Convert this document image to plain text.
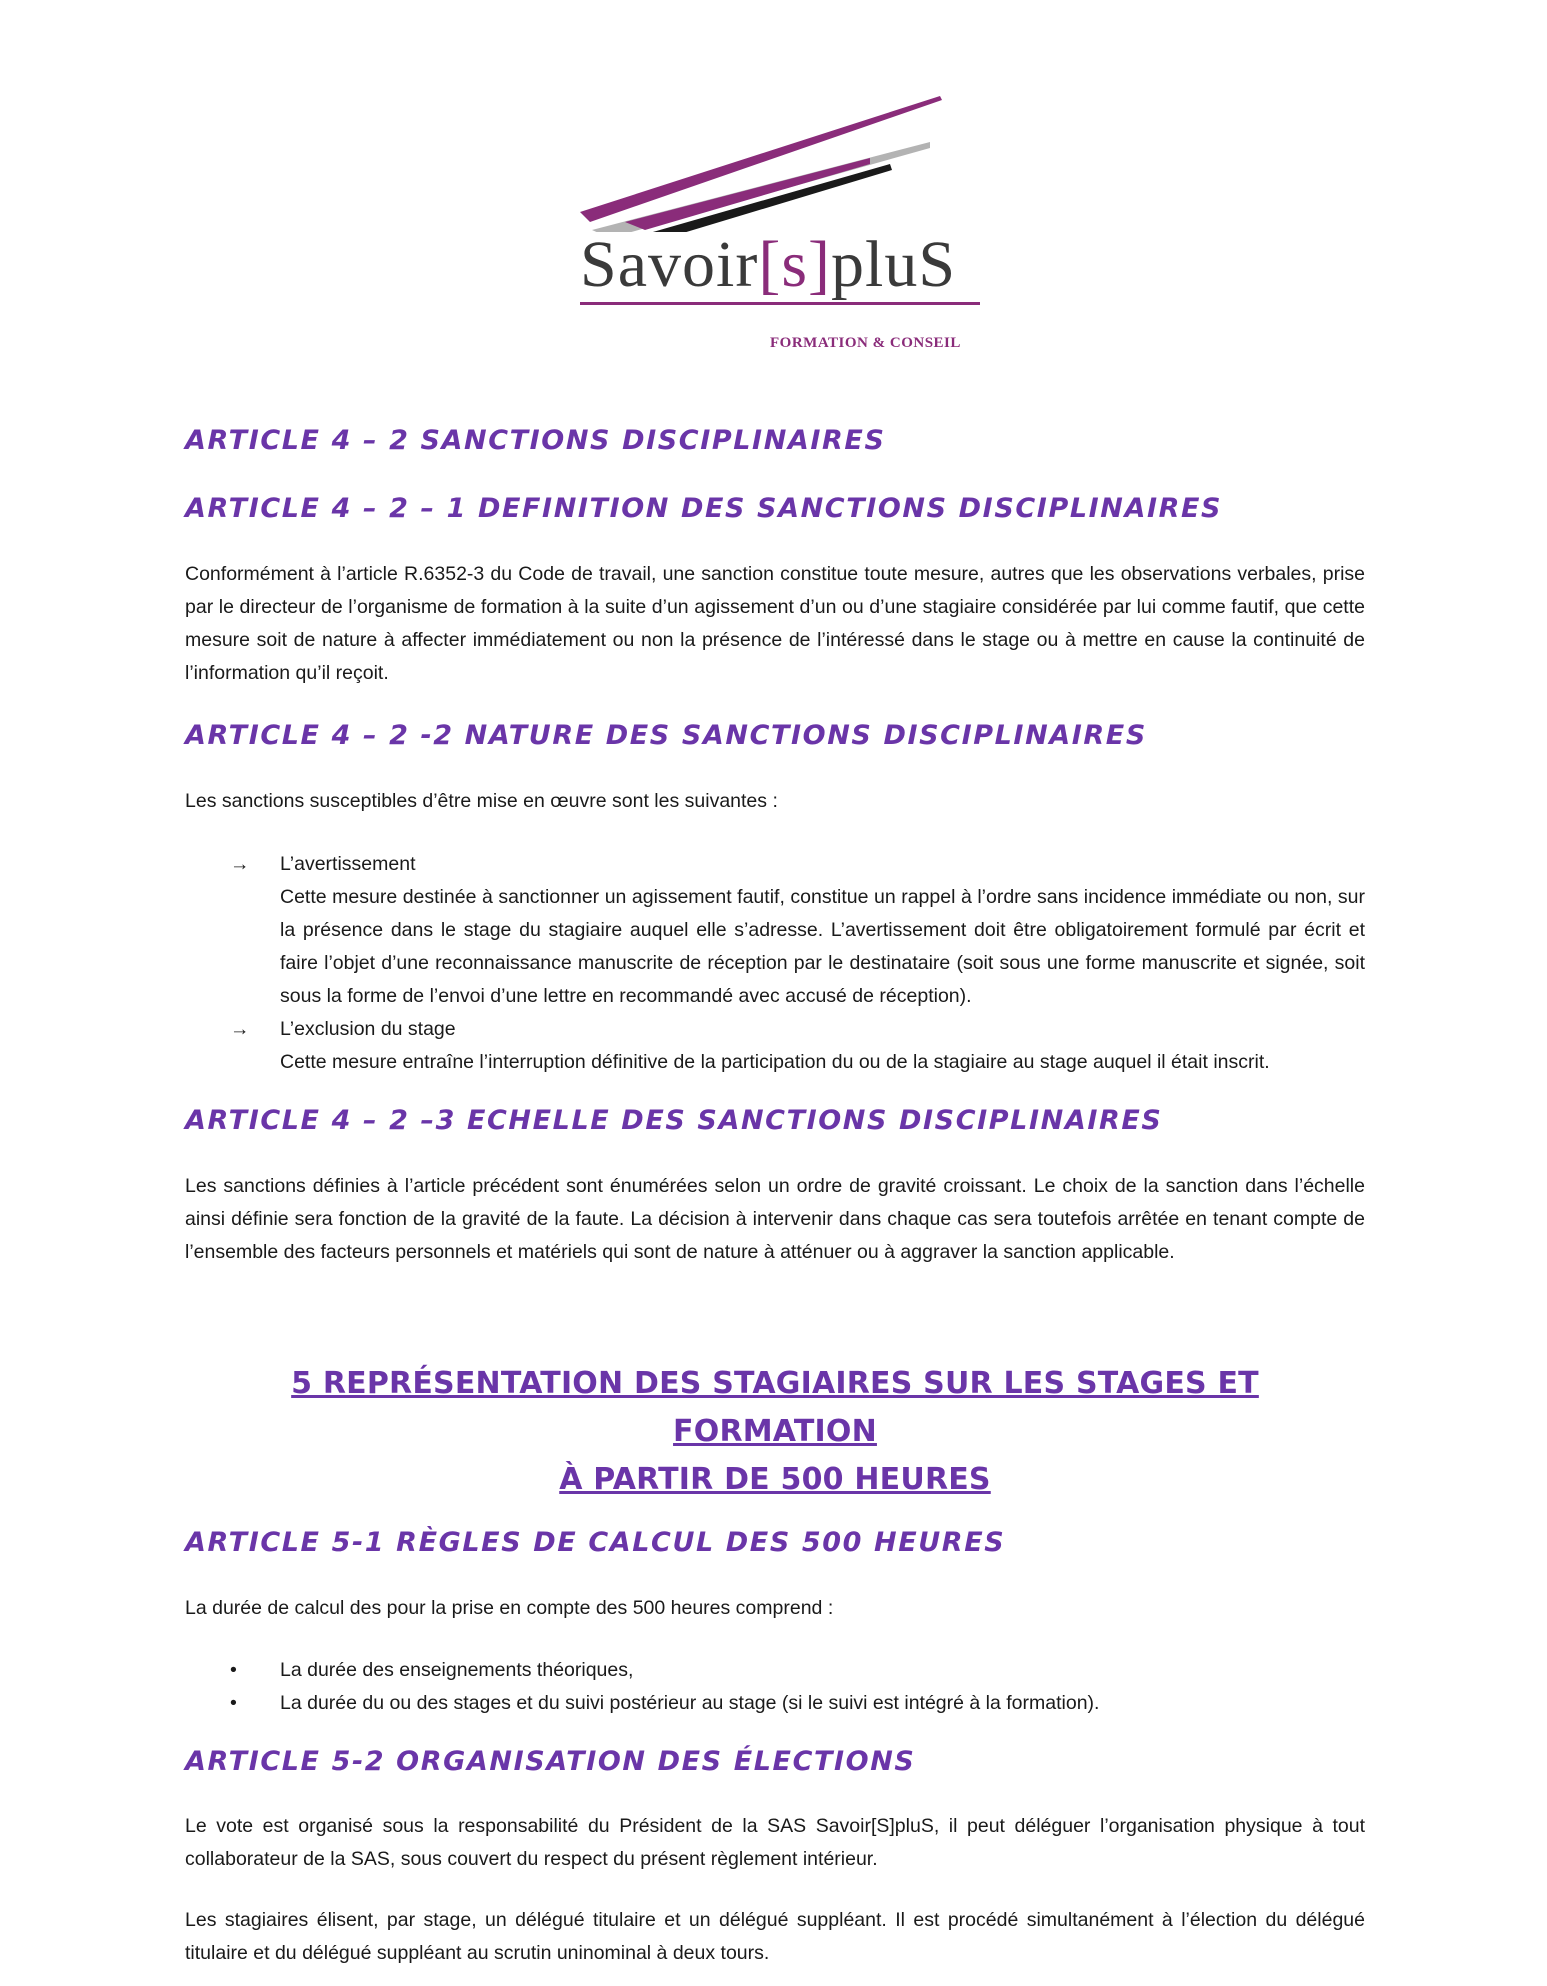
Savoir[s]pluS
FORMATION & CONSEIL
ARTICLE 4 – 2 SANCTIONS DISCIPLINAIRES
ARTICLE 4 – 2 – 1 DEFINITION DES SANCTIONS DISCIPLINAIRES

Conformément à l’article R.6352-3 du Code de travail, une sanction constitue toute mesure, autres que les observations verbales, prise par le directeur de l’organisme de formation à la suite d’un agissement d’un ou d’une stagiaire considérée par lui comme fautif, que cette mesure soit de nature à affecter immédiatement ou non la présence de l’intéressé dans le stage ou à mettre en cause la continuité de l’information qu’il reçoit.

ARTICLE 4 – 2 -2 NATURE DES SANCTIONS DISCIPLINAIRES

Les sanctions susceptibles d’être mise en œuvre sont les suivantes :

→ L’avertissement
Cette mesure destinée à sanctionner un agissement fautif, constitue un rappel à l’ordre sans incidence immédiate ou non, sur la présence dans le stage du stagiaire auquel elle s’adresse. L’avertissement doit être obligatoirement formulé par écrit et faire l’objet d’une reconnaissance manuscrite de réception par le destinataire (soit sous une forme manuscrite et signée, soit sous la forme de l’envoi d’une lettre en recommandé avec accusé de réception).
→ L’exclusion du stage
Cette mesure entraîne l’interruption définitive de la participation du ou de la stagiaire au stage auquel il était inscrit.
ARTICLE 4 – 2 –3 ECHELLE DES SANCTIONS DISCIPLINAIRES

Les sanctions définies à l’article précédent sont énumérées selon un ordre de gravité croissant. Le choix de la sanction dans l’échelle ainsi définie sera fonction de la gravité de la faute. La décision à intervenir dans chaque cas sera toutefois arrêtée en tenant compte de l’ensemble des facteurs personnels et matériels qui sont de nature à atténuer ou à aggraver la sanction applicable.

5 REPRÉSENTATION DES STAGIAIRES SUR LES STAGES ET FORMATION
À PARTIR DE 500 HEURES
ARTICLE 5-1 RÈGLES DE CALCUL DES 500 HEURES

La durée de calcul des pour la prise en compte des 500 heures comprend :

• La durée des enseignements théoriques,
• La durée du ou des stages et du suivi postérieur au stage (si le suivi est intégré à la formation).
ARTICLE 5-2 ORGANISATION DES ÉLECTIONS

Le vote est organisé sous la responsabilité du Président de la SAS Savoir[S]pluS, il peut déléguer l’organisation physique à tout collaborateur de la SAS, sous couvert du respect du présent règlement intérieur.

Les stagiaires élisent, par stage, un délégué titulaire et un délégué suppléant. Il est procédé simultanément à l’élection du délégué titulaire et du délégué suppléant au scrutin uninominal à deux tours.
